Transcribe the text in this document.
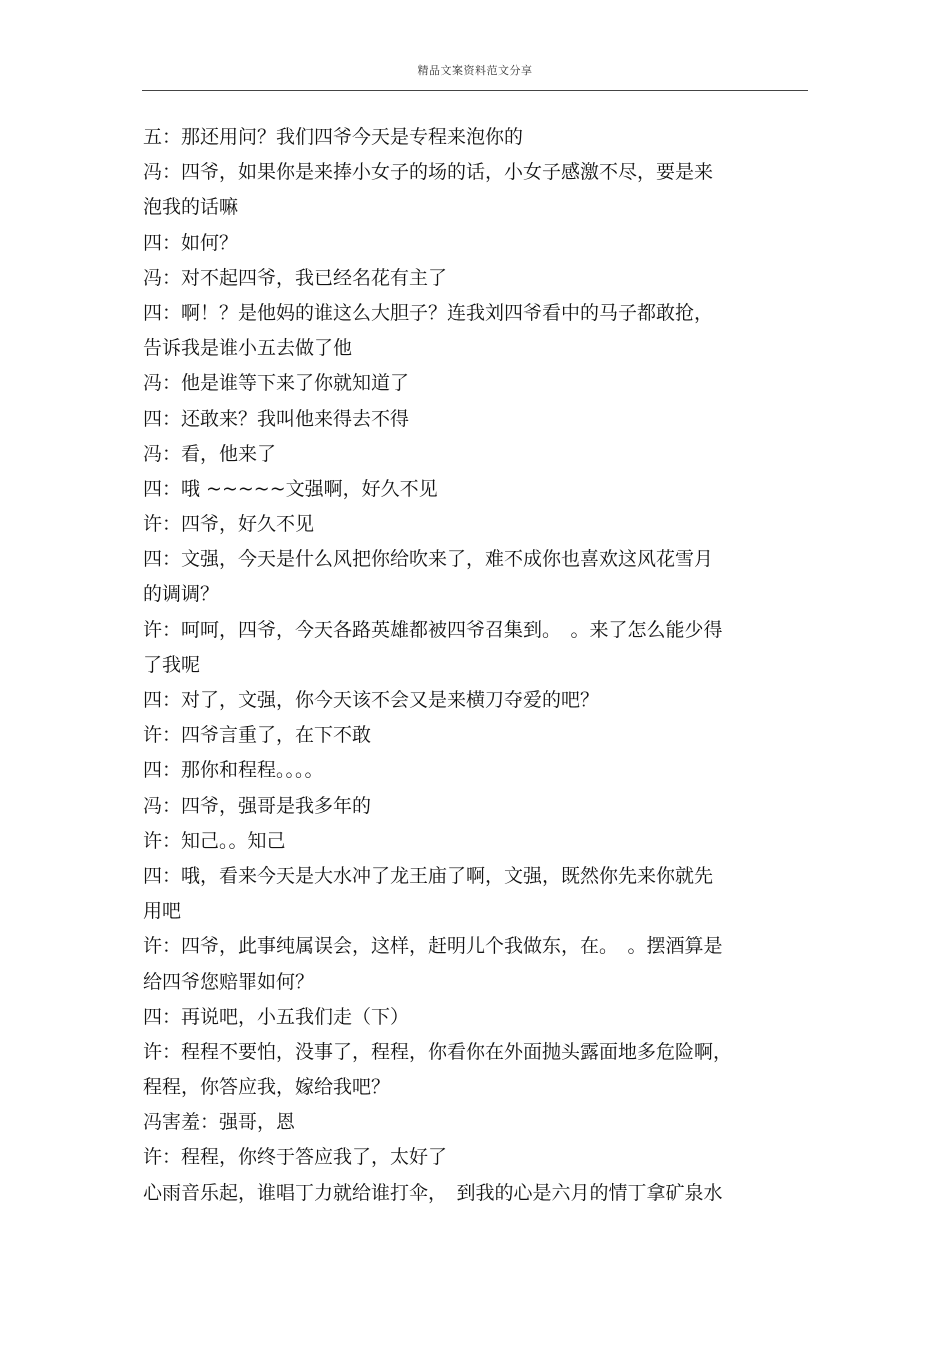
精品文案资料范文分享
五：那还用问？我们四爷今天是专程来泡你的
冯：四爷，如果你是来捧小女子的场的话，小女子感激不尽，要是来
泡我的话嘛
四：如何？
冯：对不起四爷，我已经名花有主了
四：啊！？是他妈的谁这么大胆子？连我刘四爷看中的马子都敢抢，
告诉我是谁小五去做了他
冯：他是谁等下来了你就知道了
四：还敢来？我叫他来得去不得
冯：看，他来了
四：哦 ~~~~~文强啊，好久不见
许：四爷，好久不见
四：文强，今天是什么风把你给吹来了，难不成你也喜欢这风花雪月
的调调？
许：呵呵，四爷，今天各路英雄都被四爷召集到。　。来了怎么能少得
了我呢
四：对了，文强，你今天该不会又是来横刀夺爱的吧？
许：四爷言重了，在下不敢
四：那你和程程。。。。
冯：四爷，强哥是我多年的
许：知己。。知己
四：哦，看来今天是大水冲了龙王庙了啊，文强，既然你先来你就先
用吧
许：四爷，此事纯属误会，这样，赶明儿个我做东，在。　。摆酒算是
给四爷您赔罪如何？
四：再说吧，小五我们走（下）
许：程程不要怕，没事了，程程，你看你在外面抛头露面地多危险啊，
程程，你答应我，嫁给我吧？
冯害羞：强哥，恩
许：程程，你终于答应我了，太好了
心雨音乐起，谁唱丁力就给谁打伞，　到我的心是六月的情丁拿矿泉水
